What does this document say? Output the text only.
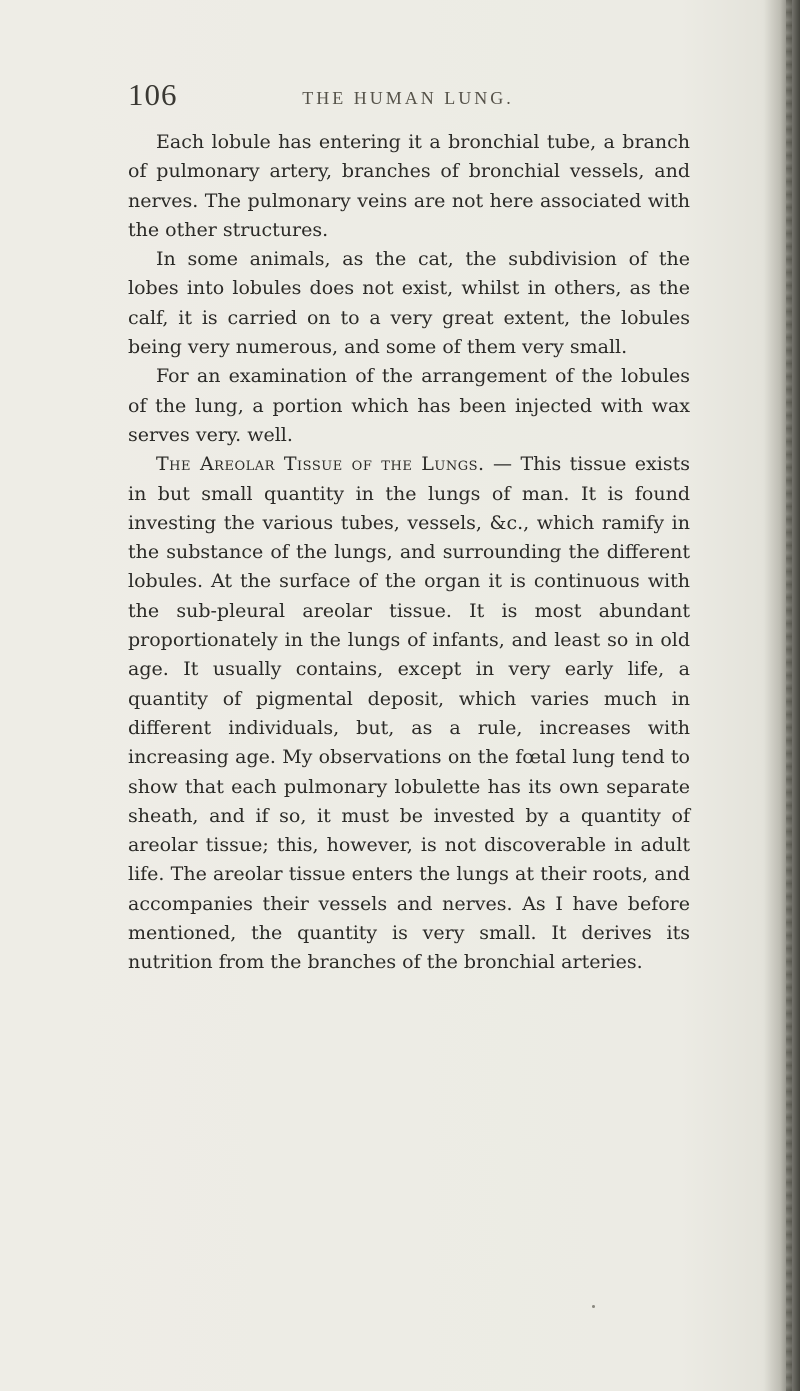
106	THE HUMAN LUNG.

Each lobule has entering it a bronchial tube, a branch of pulmonary artery, branches of bronchial vessels, and nerves. The pulmonary veins are not here associated with the other structures.

In some animals, as the cat, the subdivision of the lobes into lobules does not exist, whilst in others, as the calf, it is carried on to a very great extent, the lobules being very numerous, and some of them very small.

For an examination of the arrangement of the lobules of the lung, a portion which has been injected with wax serves very. well.

The Areolar Tissue of the Lungs. — This tissue exists in but small quantity in the lungs of man. It is found investing the various tubes, vessels, &c., which ramify in the substance of the lungs, and surrounding the different lobules. At the surface of the organ it is continuous with the sub-pleural areolar tissue. It is most abundant proportionately in the lungs of infants, and least so in old age. It usually contains, except in very early life, a quantity of pigmental deposit, which varies much in different individuals, but, as a rule, increases with increasing age. My observations on the fœtal lung tend to show that each pulmonary lobulette has its own separate sheath, and if so, it must be invested by a quantity of areolar tissue; this, however, is not discoverable in adult life. The areolar tissue enters the lungs at their roots, and accompanies their vessels and nerves. As I have before mentioned, the quantity is very small. It derives its nutrition from the branches of the bronchial arteries.
